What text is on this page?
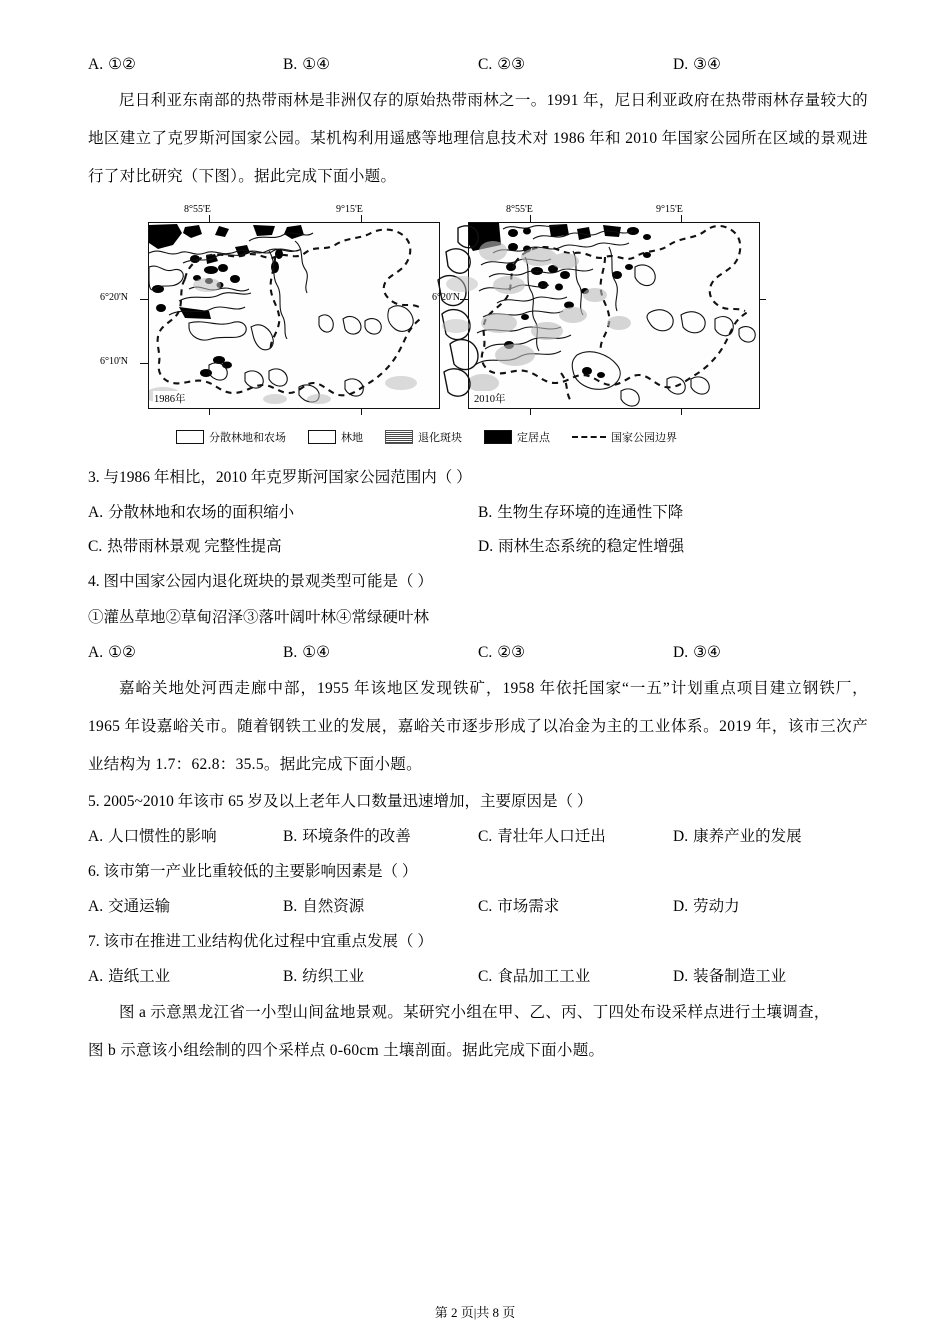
A. ①②	B. ①④	C. ②③	D. ③④
尼日利亚东南部的热带雨林是非洲仅存的原始热带雨林之一。1991 年，尼日利亚政府在热带雨林存量较大的地区建立了克罗斯河国家公园。某机构利用遥感等地理信息技术对 1986 年和 2010 年国家公园所在区域的景观进行了对比研究（下图）。据此完成下面小题。
8°55'E	9°15'E
6°20'N
6°10'N
1986年
8°55'E	9°15'E
6°20'N
2010年
分散林地和农场	林地	退化斑块	定居点	国家公园边界
3. 与1986 年相比，2010 年克罗斯河国家公园范围内（ ）
A. 分散林地和农场的面积缩小	B. 生物生存环境的连通性下降
C. 热带雨林景观 完整性提高	D. 雨林生态系统的稳定性增强
4. 图中国家公园内退化斑块的景观类型可能是（ ）
①灌丛草地②草甸沼泽③落叶阔叶林④常绿硬叶林
A. ①②	B. ①④	C. ②③	D. ③④
嘉峪关地处河西走廊中部，1955 年该地区发现铁矿，1958 年依托国家“一五”计划重点项目建立钢铁厂，1965 年设嘉峪关市。随着钢铁工业的发展，嘉峪关市逐步形成了以冶金为主的工业体系。2019 年，该市三次产业结构为 1.7：62.8：35.5。据此完成下面小题。
5. 2005~2010 年该市 65 岁及以上老年人口数量迅速增加，主要原因是（ ）
A. 人口惯性的影响	B. 环境条件的改善	C. 青壮年人口迁出	D. 康养产业的发展
6. 该市第一产业比重较低的主要影响因素是（ ）
A. 交通运输	B. 自然资源	C. 市场需求	D. 劳动力
7. 该市在推进工业结构优化过程中宜重点发展（ ）
A. 造纸工业	B. 纺织工业	C. 食品加工工业	D. 装备制造工业
图 a 示意黑龙江省一小型山间盆地景观。某研究小组在甲、乙、丙、丁四处布设采样点进行土壤调查，
图 b 示意该小组绘制的四个采样点 0-60cm 土壤剖面。据此完成下面小题。
第 2 页|共 8 页
